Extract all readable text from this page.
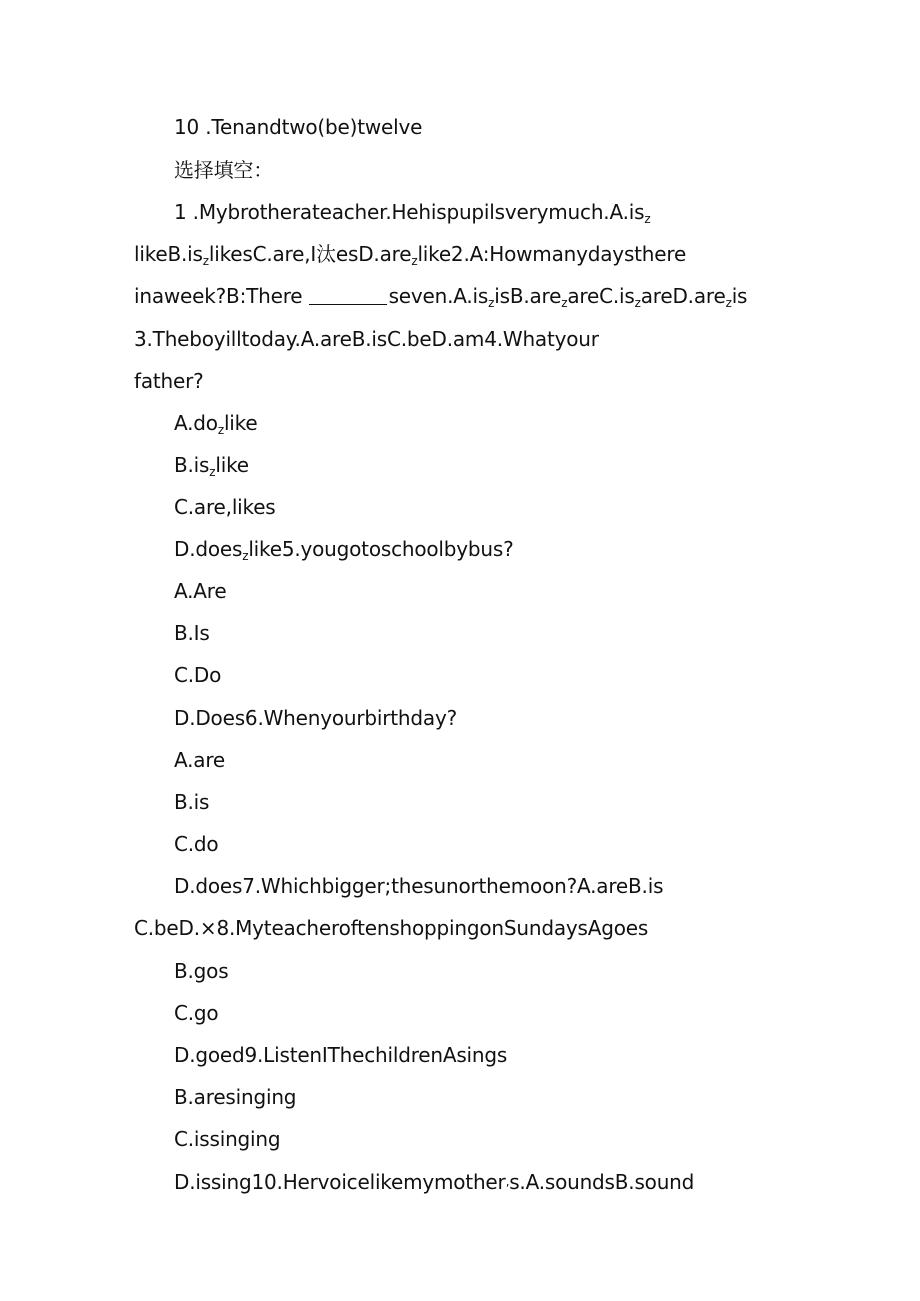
10 .Tenandtwo(be)twelve
选择填空：
1 $.Mybrotherateacher.Hehispupilsverymuch.A.is_z$
$likeB.is_zlikesC.are,I$汰esD.are$_z$like2.A:Howmanydaysthere
inaweek?B:There	$seven.A.is_zisB.are_zareC.is_zareD.are_zis$
3.Theboyilltoday.A.areB.isC.beD.am4.Whatyour
father?
$A.do_zlike$
$B.is_zlike$
C.are,likes
D.does$_z$like5.yougotoschoolbybus?
A.Are
B.Is
C.Do
D.Does6.Whenyourbirthday?
A.are
B.is
C.do
D.does7.Whichbigger;thesunorthemoon?A.areB.is
C.beD.×8.MyteacheroftenshoppingonSundaysAgoes
B.gos
C.go
D.goed9.ListenIThechildrenAsings
B.aresinging
C.issinging
D.issing10.Hervoicelikemymother$_’$s.A.soundsB.sound
